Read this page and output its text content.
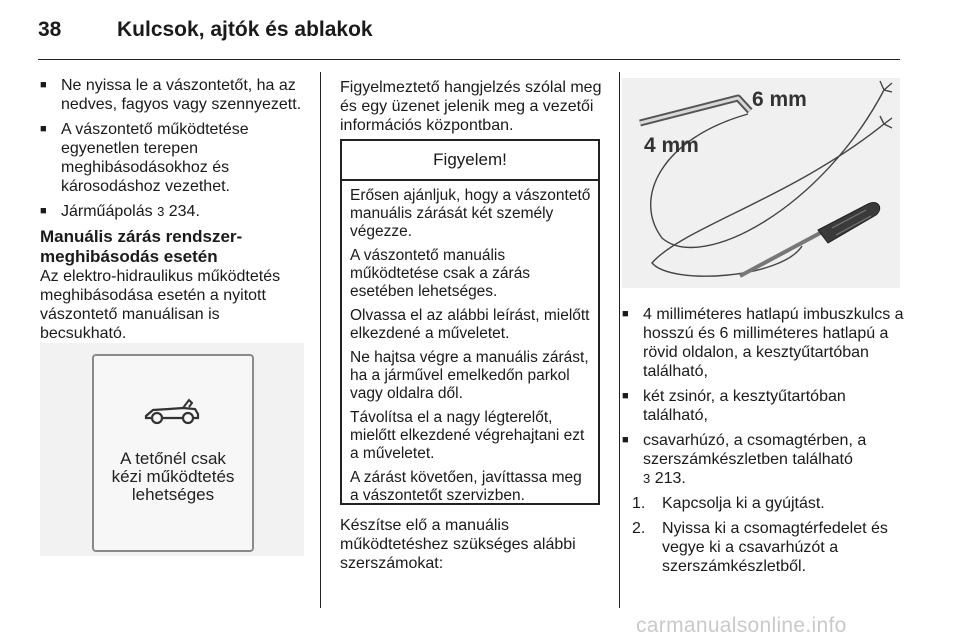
38	Kulcsok, ajtók és ablakok
■ Ne nyissa le a vászontetőt, ha az nedves, fagyos vagy szennyezett.
■ A vászontető működtetése egyenetlen terepen meghibásodásokhoz és károsodáshoz vezethet.
■ Járműápolás 3 234.
Manuális zárás rendszer-meghibásodás esetén

Az elektro-hidraulikus működtetés meghibásodása esetén a nyitott vászontető manuálisan is becsukható.

A tetőnél csak
kézi működtetés
lehetséges

Figyelmeztető hangjelzés szólal meg és egy üzenet jelenik meg a vezetői információs központban.

Figyelem!

Erősen ajánljuk, hogy a vászontető manuális zárását két személy végezze.

A vászontető manuális működtetése csak a zárás esetében lehetséges.

Olvassa el az alábbi leírást, mielőtt elkezdené a műveletet.

Ne hajtsa végre a manuális zárást, ha a járművel emelkedőn parkol vagy oldalra dől.

Távolítsa el a nagy légterelőt, mielőtt elkezdené végrehajtani ezt a műveletet.

A zárást követően, javíttassa meg a vászontetőt szervizben.

Készítse elő a manuális működtetéshez szükséges alábbi szerszámokat:

6 mm
4 mm
■ 4 milliméteres hatlapú imbuszkulcs a hosszú és 6 milliméteres hatlapú a rövid oldalon, a kesztyűtartóban található,
■ két zsinór, a kesztyűtartóban található,
■ csavarhúzó, a csomagtérben, a szerszámkészletben található
3 213.
1. Kapcsolja ki a gyújtást.
2. Nyissa ki a csomagtérfedelet és vegye ki a csavarhúzót a szerszámkészletből.
carmanualsonline.info
